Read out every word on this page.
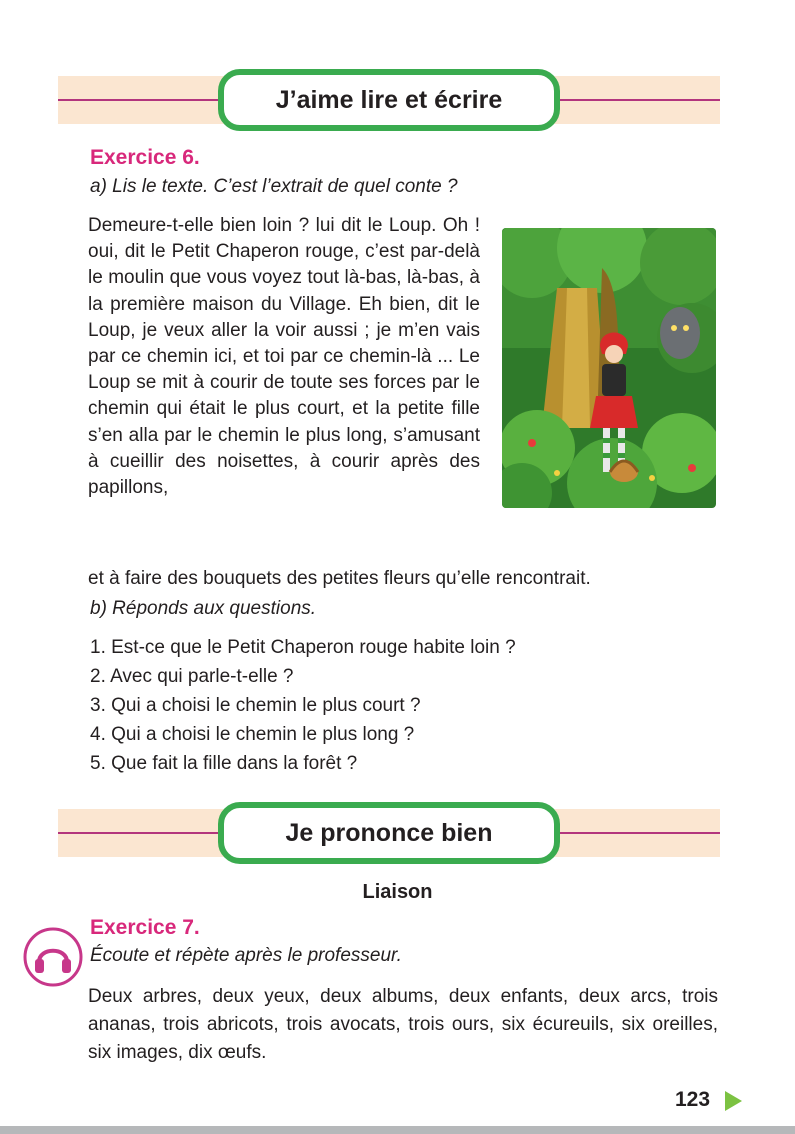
J’aime lire et écrire
Exercice 6.
a) Lis le texte. C’est l’extrait de quel conte ?

Demeure-t-elle bien loin ? lui dit le Loup. Oh ! oui, dit le Petit Chaperon rouge, c’est par-delà le moulin que vous voyez tout là-bas, là-bas, à la première maison du Village. Eh bien, dit le Loup, je veux aller la voir aussi ; je m’en vais par ce chemin ici, et toi par ce chemin-là ... Le Loup se mit à courir de toute ses forces par le chemin qui était le plus court, et la petite fille s’en alla par le chemin le plus long, s’amusant à cueillir des noisettes, à courir après des papillons,

et à faire des bouquets des petites fleurs qu’elle rencontrait.

b) Réponds aux questions.
1. Est-ce que le Petit Chaperon rouge habite loin ?
2. Avec qui parle-t-elle ?
3. Qui a choisi le chemin le plus court ?
4. Qui a choisi le chemin le plus long ?
5. Que fait la fille dans la forêt ?
Je prononce bien
Liaison
Exercice 7.
Écoute et répète après le professeur.

Deux arbres, deux yeux, deux albums, deux enfants, deux arcs, trois ananas, trois abricots, trois avocats, trois ours, six écureuils, six oreilles, six images, dix œufs.

123
